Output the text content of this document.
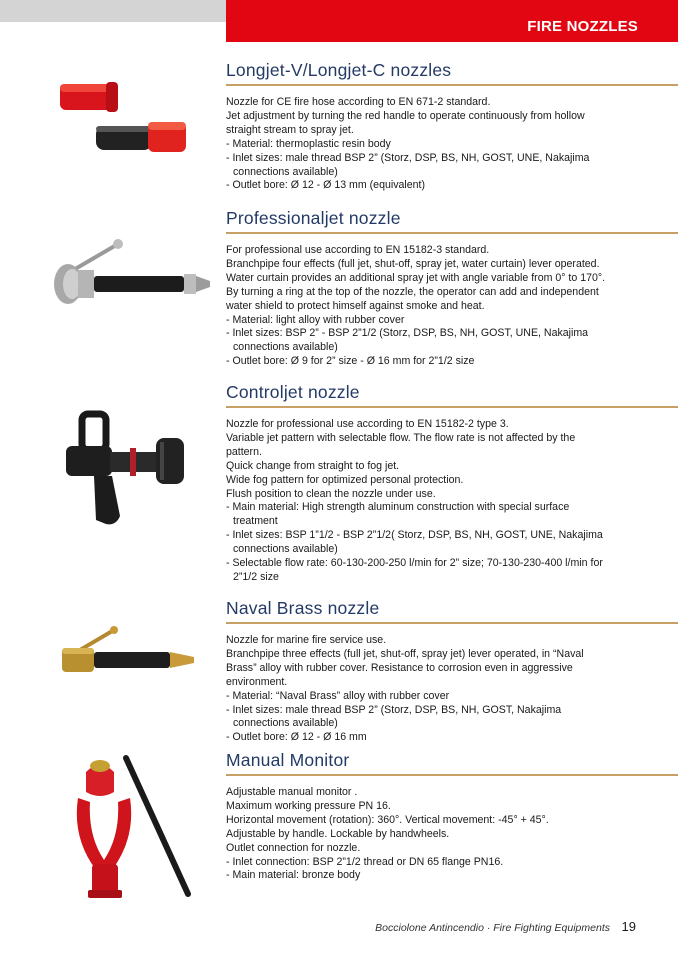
FIRE NOZZLES
Longjet-V/Longjet-C nozzles
Nozzle for CE fire hose according to EN 671-2 standard.
Jet adjustment by turning the red handle to operate continuously from hollow
straight stream to spray jet.
- Material: thermoplastic resin body
- Inlet sizes: male thread BSP 2” (Storz, DSP, BS, NH, GOST, UNE, Nakajima
connections available)
- Outlet bore: Ø 12 - Ø 13 mm (equivalent)
Professionaljet nozzle
For professional use according to EN 15182-3 standard.
Branchpipe four effects (full jet, shut-off, spray jet, water curtain) lever operated.
Water curtain provides an additional spray jet with angle variable from 0° to 170°.
By turning a ring at the top of the nozzle, the operator can add and independent
water shield to protect himself against smoke and heat.
- Material: light alloy with rubber cover
- Inlet sizes: BSP 2” - BSP 2”1/2 (Storz, DSP, BS, NH, GOST, UNE, Nakajima
connections available)
- Outlet bore: Ø 9 for 2” size - Ø 16 mm for 2”1/2 size
Controljet nozzle
Nozzle for professional use according to EN 15182-2 type 3.
Variable jet pattern with selectable flow. The flow rate is not affected by the
pattern.
Quick change from straight to fog jet.
Wide fog pattern for optimized personal protection.
Flush position to clean the nozzle under use.
- Main material: High strength aluminum construction with special surface
treatment
- Inlet sizes: BSP 1”1/2 - BSP 2”1/2( Storz, DSP, BS, NH, GOST, UNE, Nakajima
connections available)
- Selectable flow rate: 60-130-200-250 l/min for 2” size; 70-130-230-400 l/min for
2”1/2 size
Naval Brass nozzle
Nozzle for marine fire service use.
Branchpipe three effects (full jet, shut-off, spray jet) lever operated, in “Naval
Brass” alloy with rubber cover. Resistance to corrosion even in aggressive
environment.
- Material: “Naval Brass” alloy with rubber cover
- Inlet sizes: male thread BSP 2” (Storz, DSP, BS, NH, GOST, Nakajima
connections available)
- Outlet bore: Ø 12 - Ø 16 mm
Manual Monitor
Adjustable manual monitor .
Maximum working pressure PN 16.
Horizontal movement (rotation): 360°. Vertical movement: -45° + 45°.
Adjustable by handle. Lockable by handwheels.
Outlet connection for nozzle.
- Inlet connection: BSP 2”1/2 thread or DN 65 flange PN16.
- Main material: bronze body
Bocciolone Antincendio · Fire Fighting Equipments 19
